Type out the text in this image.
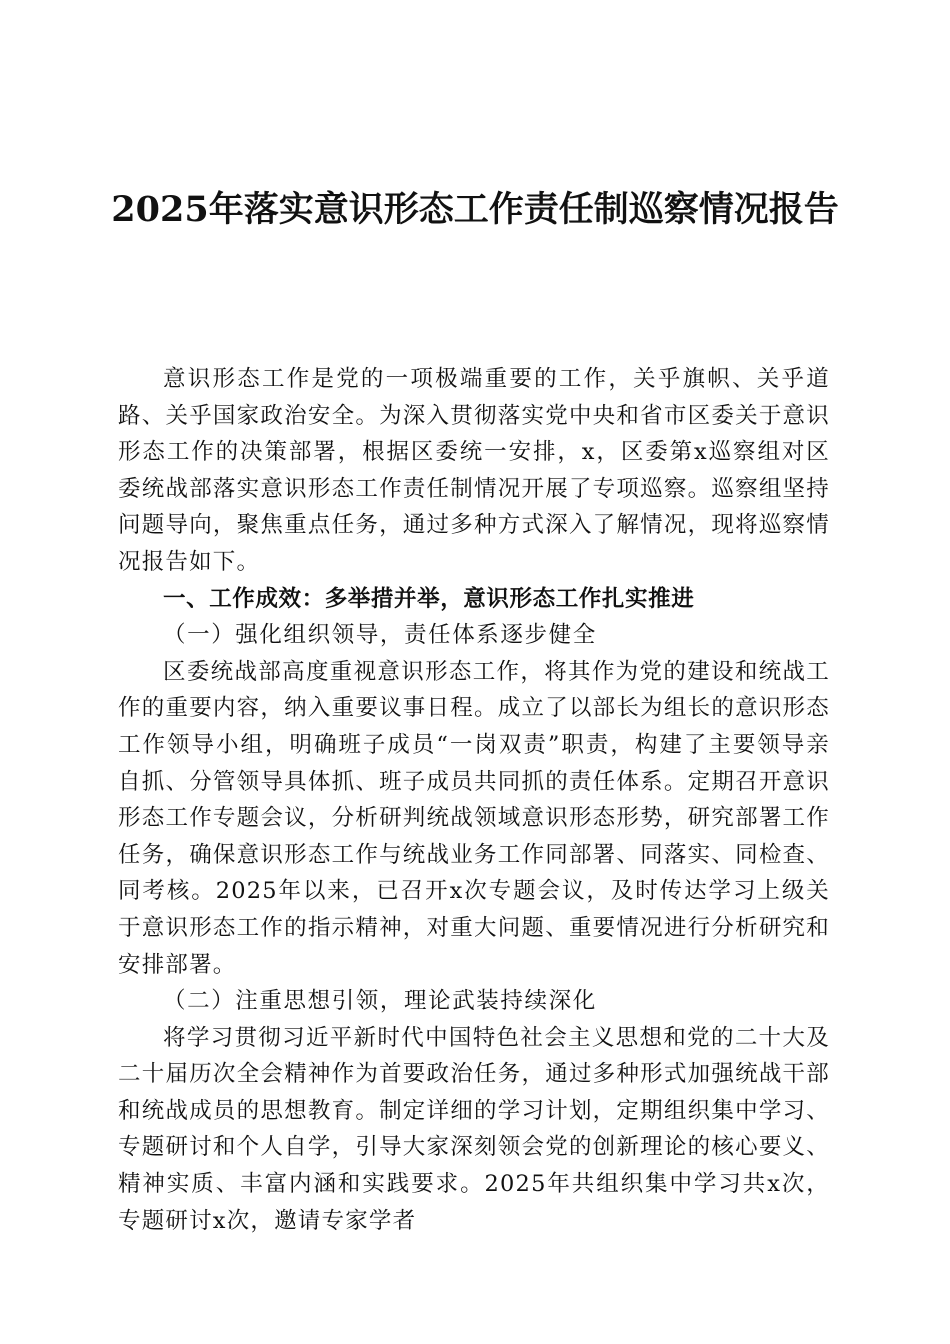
2025年落实意识形态工作责任制巡察情况报告

意识形态工作是党的一项极端重要的工作，关乎旗帜、关乎道路、关乎国家政治安全。为深入贯彻落实党中央和省市区委关于意识形态工作的决策部署，根据区委统一安排，x，区委第x巡察组对区委统战部落实意识形态工作责任制情况开展了专项巡察。巡察组坚持问题导向，聚焦重点任务，通过多种方式深入了解情况，现将巡察情况报告如下。

一、工作成效：多举措并举，意识形态工作扎实推进

（一）强化组织领导，责任体系逐步健全

区委统战部高度重视意识形态工作，将其作为党的建设和统战工作的重要内容，纳入重要议事日程。成立了以部长为组长的意识形态工作领导小组，明确班子成员“一岗双责”职责，构建了主要领导亲自抓、分管领导具体抓、班子成员共同抓的责任体系。定期召开意识形态工作专题会议，分析研判统战领域意识形态形势，研究部署工作任务，确保意识形态工作与统战业务工作同部署、同落实、同检查、同考核。2025年以来，已召开x次专题会议，及时传达学习上级关于意识形态工作的指示精神，对重大问题、重要情况进行分析研究和安排部署。

（二）注重思想引领，理论武装持续深化

将学习贯彻习近平新时代中国特色社会主义思想和党的二十大及二十届历次全会精神作为首要政治任务，通过多种形式加强统战干部和统战成员的思想教育。制定详细的学习计划，定期组织集中学习、专题研讨和个人自学，引导大家深刻领会党的创新理论的核心要义、精神实质、丰富内涵和实践要求。2025年共组织集中学习共x次，专题研讨x次，邀请专家学者
